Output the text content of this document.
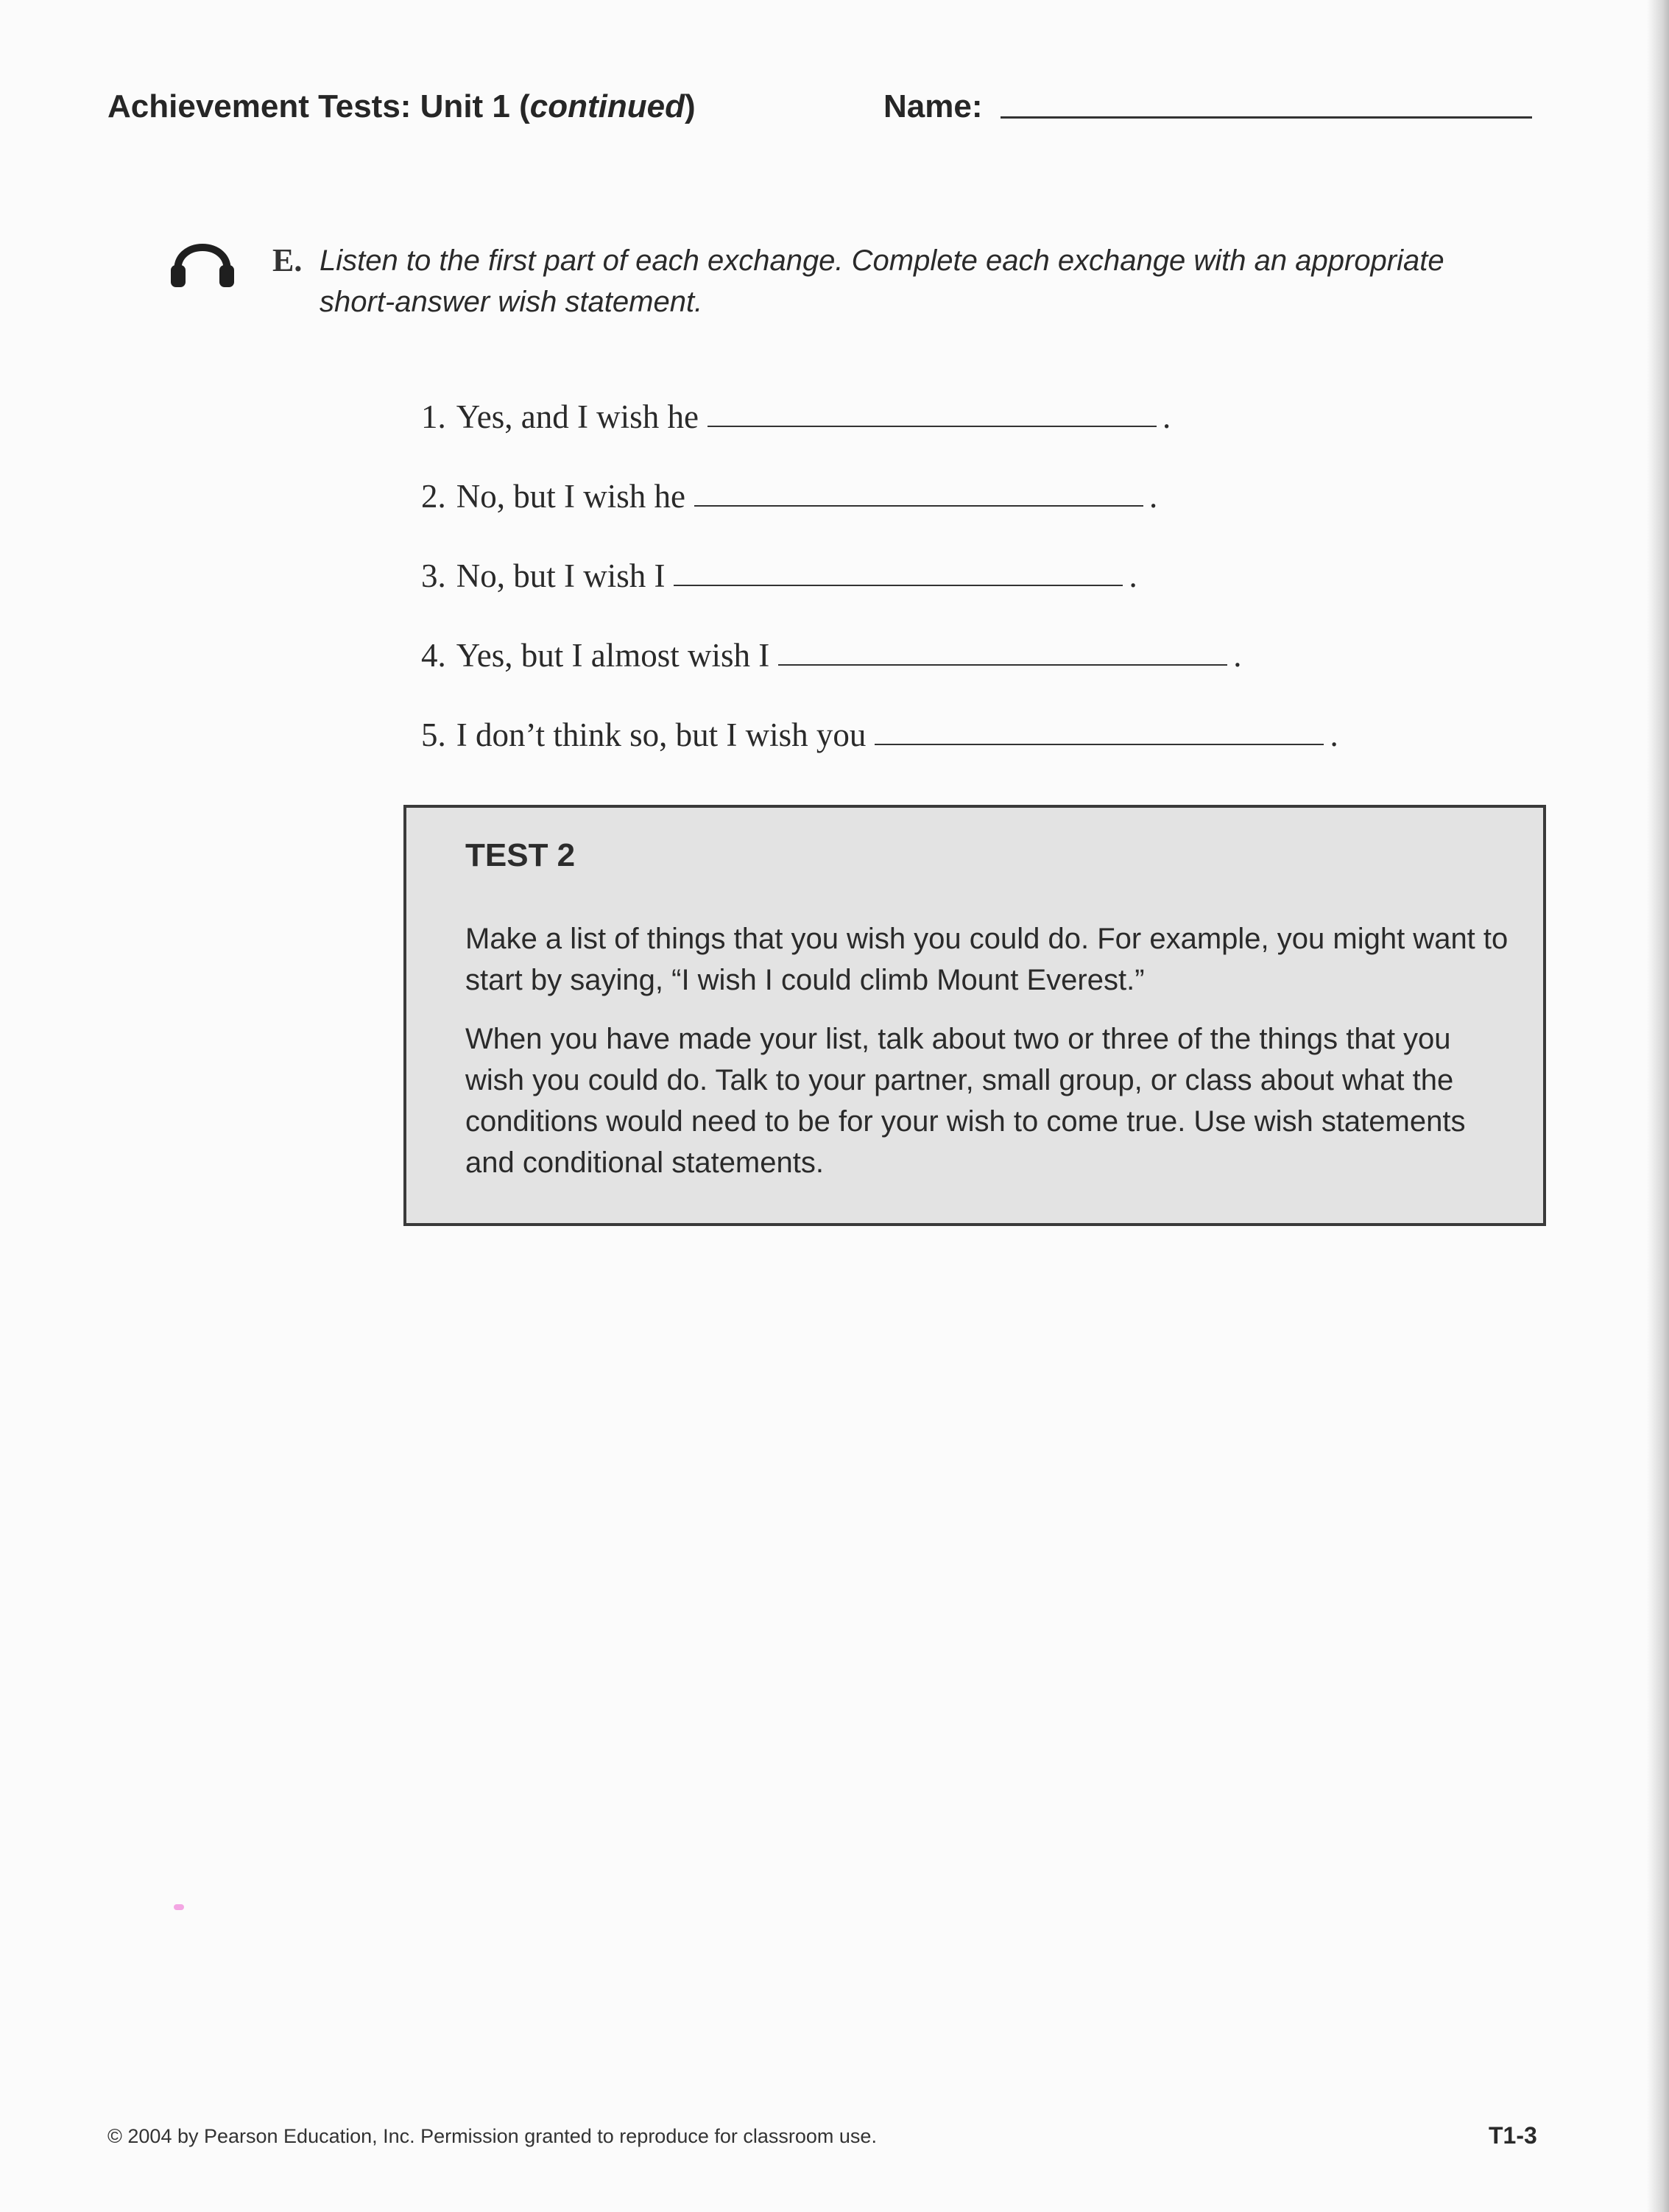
Achievement Tests: Unit 1 (continued)	Name:
E. Listen to the first part of each exchange. Complete each exchange with an appropriate short-answer wish statement.
1. Yes, and I wish he	.
2. No, but I wish he	.
3. No, but I wish I	.
4. Yes, but I almost wish I	.
5. I don’t think so, but I wish you	.
TEST 2
Make a list of things that you wish you could do. For example, you might want to start by saying, “I wish I could climb Mount Everest.”
When you have made your list, talk about two or three of the things that you wish you could do. Talk to your partner, small group, or class about what the conditions would need to be for your wish to come true. Use wish statements and conditional statements.
© 2004 by Pearson Education, Inc. Permission granted to reproduce for classroom use.	T1-3
